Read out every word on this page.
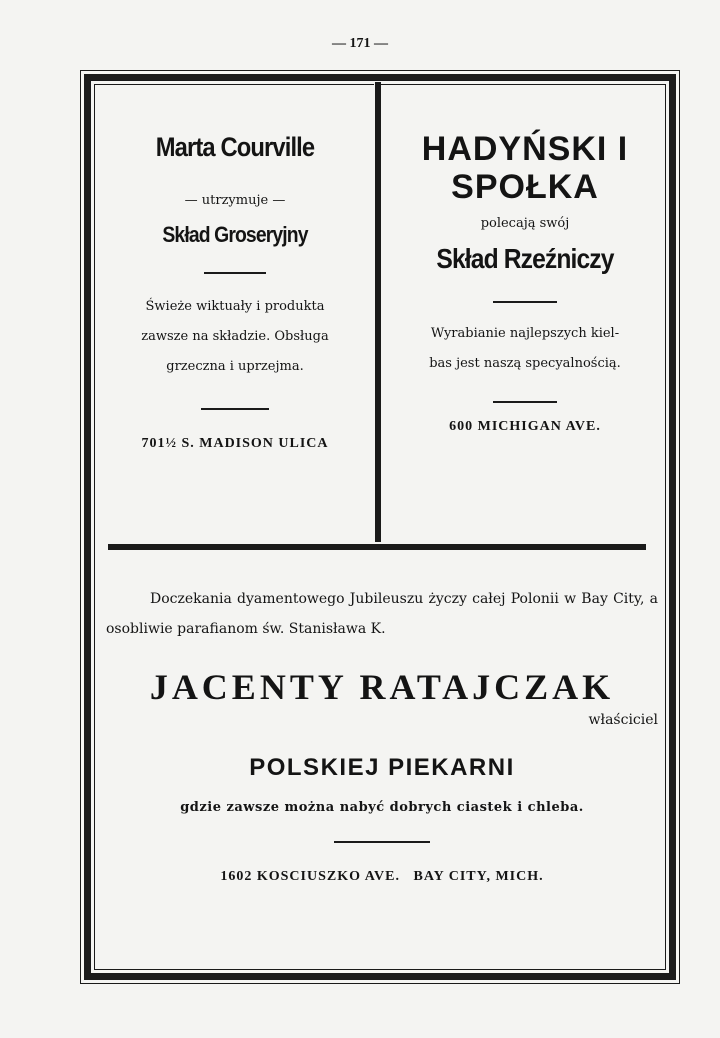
— 171 —
Marta Courville
— utrzymuje —
Skład Groseryjny
Świeże wiktuały i produkta
zawsze na składzie. Obsługa
grzeczna i uprzejma.
701½ S. MADISON ULICA
HADYŃSKI I
SPOŁKA
polecają swój
Skład Rzeźniczy
Wyrabianie najlepszych kiel-
bas jest naszą specyalnością.
600 MICHIGAN AVE.
Doczekania dyamentowego Jubileuszu życzy całej Polonii w Bay City, a osobliwie parafianom św. Stanisława K.
JACENTY RATAJCZAK
właściciel
POLSKIEJ PIEKARNI
gdzie zawsze można nabyć dobrych ciastek i chleba.
1602 KOSCIUSZKO AVE.   BAY CITY, MICH.
